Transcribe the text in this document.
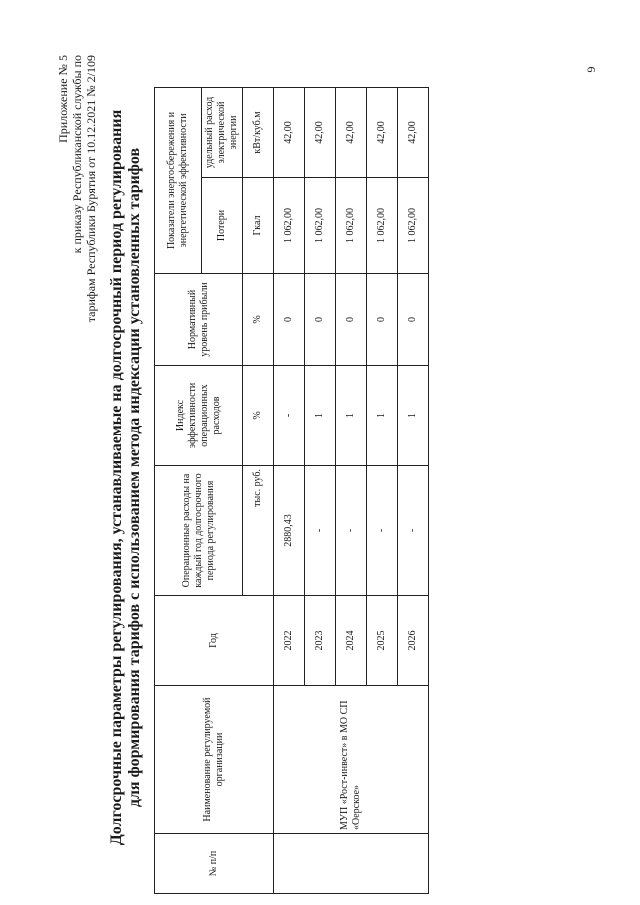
6
Приложение № 5 к приказу Республиканской службы по тарифам Республики Бурятия от 10.12.2021 № 2/109 Долгосрочные параметры регулирования, устанавливаемые на долгосрочный период регулирования для формирования тарифов с использованием метода индексации установленных тарифов
№ п/п	Наименование регулируемой организации	Год	Операционные расходы на каждый год долгосрочного периода регулирования	Индекс эффективности операционных расходов	Нормативный уровень прибыли	Показатели энергосбережения и энергетической эффективности	
						Потери	удельный расход электрической энергии
			тыс. руб.	%	%	Гкал	кВт/куб.м
	МУП «Рост-инвест» в МО СП «Оерское»	2022	2880,43	-	0	1 062,00	42,00
		2023	-	1	0	1 062,00	42,00
		2024	-	1	0	1 062,00	42,00
		2025	-	1	0	1 062,00	42,00
		2026	-	1	0	1 062,00	42,00
